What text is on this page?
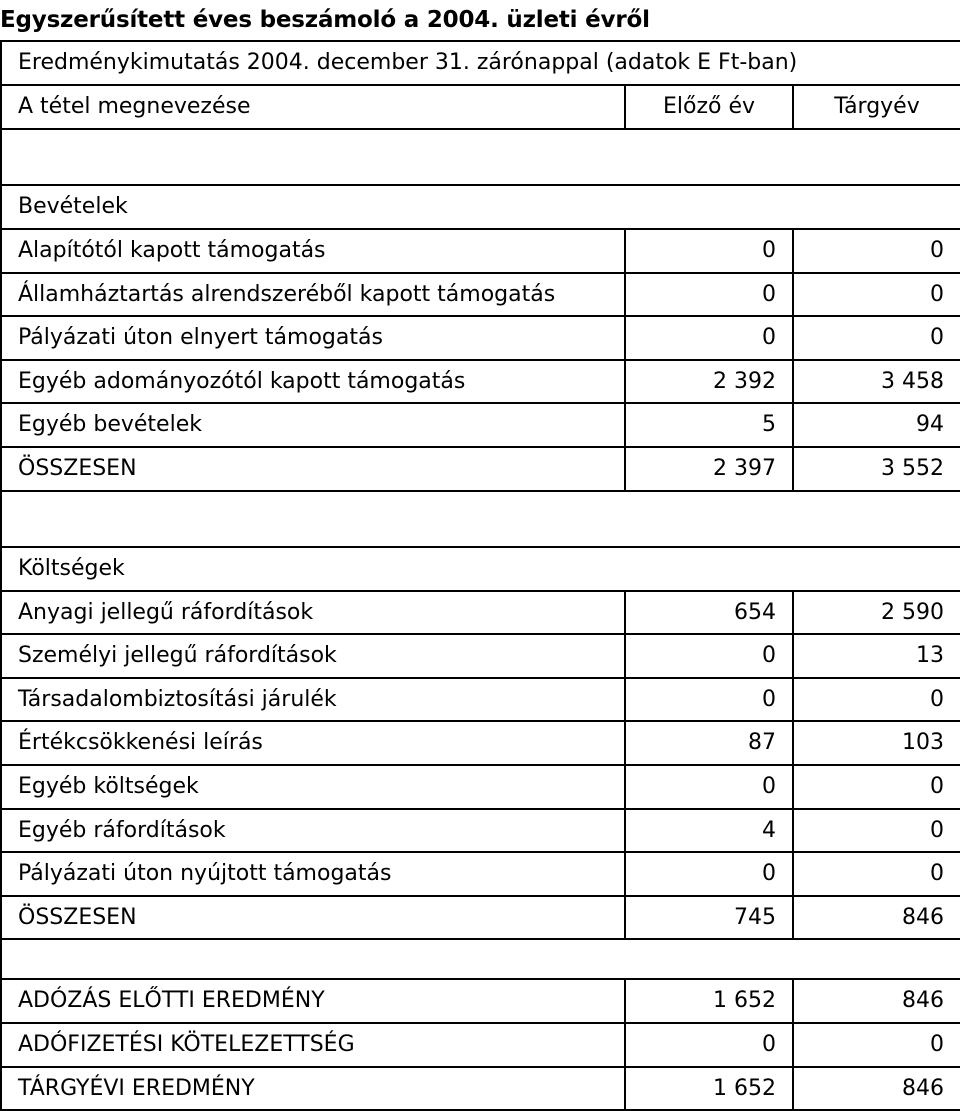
Egyszerűsített éves beszámoló a 2004. üzleti évről
Eredménykimutatás 2004. december 31. zárónappal (adatok E Ft-ban)		
A tétel megnevezése	Előző év	Tárgyév

Bevételek		
Alapítótól kapott támogatás	0	0
Államháztartás alrendszeréből kapott támogatás	0	0
Pályázati úton elnyert támogatás	0	0
Egyéb adományozótól kapott támogatás	2 392	3 458
Egyéb bevételek	5	94
ÖSSZESEN	2 397	3 552

Költségek		
Anyagi jellegű ráfordítások	654	2 590
Személyi jellegű ráfordítások	0	13
Társadalombiztosítási járulék	0	0
Értékcsökkenési leírás	87	103
Egyéb költségek	0	0
Egyéb ráfordítások	4	0
Pályázati úton nyújtott támogatás	0	0
ÖSSZESEN	745	846

ADÓZÁS ELŐTTI EREDMÉNY	1 652	846
ADÓFIZETÉSI KÖTELEZETTSÉG	0	0
TÁRGYÉVI EREDMÉNY	1 652	846
